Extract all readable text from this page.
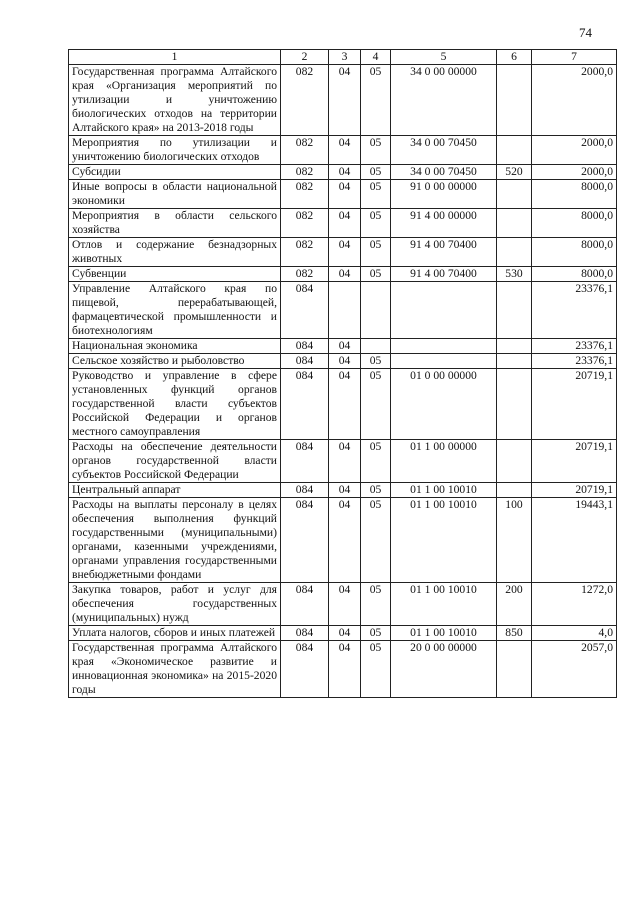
74
1	2	3	4	5	6	7
Государственная программа Алтайского края «Организация мероприятий по утилизации и уничтожению биологических отходов на территории Алтайского края» на 2013-2018 годы	082	04	05	34 0 00 00000		2000,0
Мероприятия по утилизации и уничтожению биологических отходов	082	04	05	34 0 00 70450		2000,0
Субсидии	082	04	05	34 0 00 70450	520	2000,0
Иные вопросы в области национальной экономики	082	04	05	91 0 00 00000		8000,0
Мероприятия в области сельского хозяйства	082	04	05	91 4 00 00000		8000,0
Отлов и содержание безнадзорных животных	082	04	05	91 4 00 70400		8000,0
Субвенции	082	04	05	91 4 00 70400	530	8000,0
Управление Алтайского края по пищевой, перерабатывающей, фармацевтической промышленности и биотехнологиям	084					23376,1
Национальная экономика	084	04				23376,1
Сельское хозяйство и рыболовство	084	04	05			23376,1
Руководство и управление в сфере установленных функций органов государственной власти субъектов Российской Федерации и органов местного самоуправления	084	04	05	01 0 00 00000		20719,1
Расходы на обеспечение деятельности органов государственной власти субъектов Российской Федерации	084	04	05	01 1 00 00000		20719,1
Центральный аппарат	084	04	05	01 1 00 10010		20719,1
Расходы на выплаты персоналу в целях обеспечения выполнения функций государственными (муниципальными) органами, казенными учреждениями, органами управления государственными внебюджетными фондами	084	04	05	01 1 00 10010	100	19443,1
Закупка товаров, работ и услуг для обеспечения государственных (муниципальных) нужд	084	04	05	01 1 00 10010	200	1272,0
Уплата налогов, сборов и иных платежей	084	04	05	01 1 00 10010	850	4,0
Государственная программа Алтайского края «Экономическое развитие и инновационная экономика» на 2015-2020 годы	084	04	05	20 0 00 00000		2057,0
